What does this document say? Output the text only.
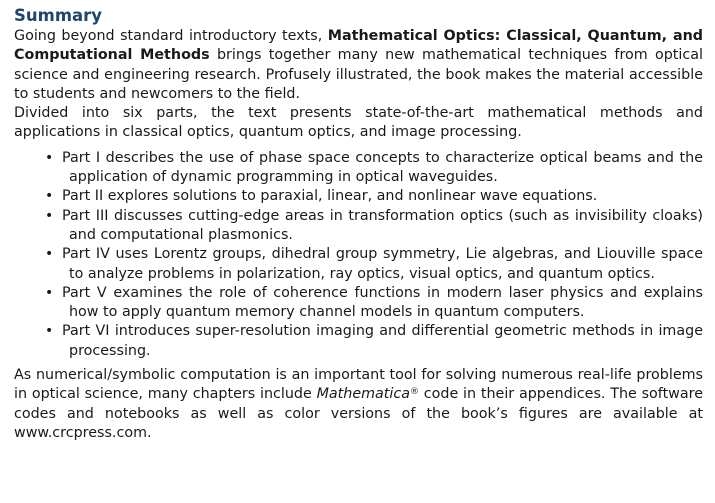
Summary

Going beyond standard introductory texts, Mathematical Optics: Classical, Quantum, and Computational Methods brings together many new mathematical techniques from optical science and engineering research. Profusely illustrated, the book makes the material accessible to students and newcomers to the field.

Divided into six parts, the text presents state-of-the-art mathematical methods and applications in classical optics, quantum optics, and image processing.

• Part I describes the use of phase space concepts to characterize optical beams and the application of dynamic programming in optical waveguides.
• Part II explores solutions to paraxial, linear, and nonlinear wave equations.
• Part III discusses cutting-edge areas in transformation optics (such as invisibility cloaks) and computational plasmonics.
• Part IV uses Lorentz groups, dihedral group symmetry, Lie algebras, and Liouville space to analyze problems in polarization, ray optics, visual optics, and quantum optics.
• Part V examines the role of coherence functions in modern laser physics and explains how to apply quantum memory channel models in quantum computers.
• Part VI introduces super-resolution imaging and differential geometric methods in image processing.

As numerical/symbolic computation is an important tool for solving numerous real-life problems in optical science, many chapters include Mathematica® code in their appendices. The software codes and notebooks as well as color versions of the book’s figures are available at www.crcpress.com.
